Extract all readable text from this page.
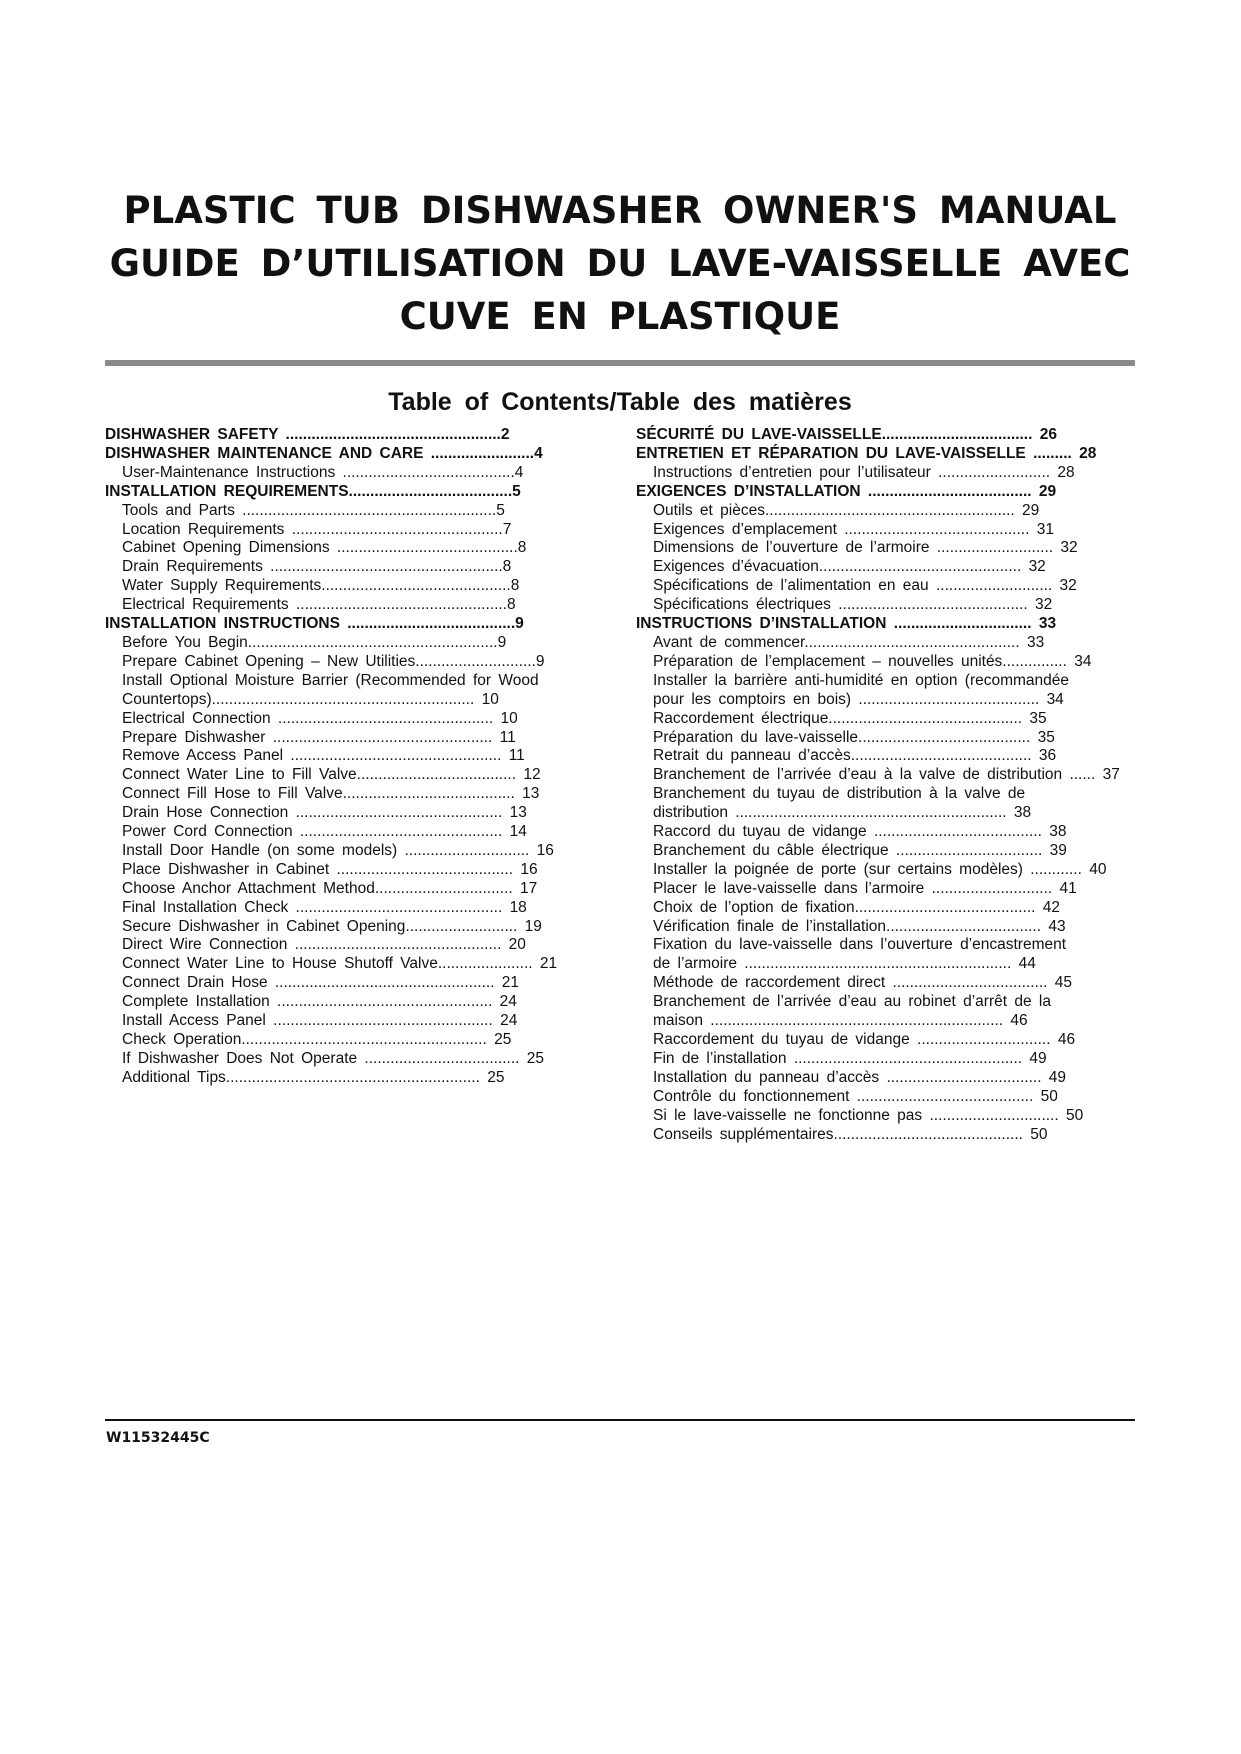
PLASTIC TUB DISHWASHER OWNER'S MANUAL
GUIDE D’UTILISATION DU LAVE-VAISSELLE AVEC
CUVE EN PLASTIQUE
Table of Contents/Table des matières
DISHWASHER SAFETY ..................................................2
DISHWASHER MAINTENANCE AND CARE ........................4
User-Maintenance Instructions ........................................4
INSTALLATION REQUIREMENTS......................................5
Tools and Parts ...........................................................5
Location Requirements .................................................7
Cabinet Opening Dimensions ..........................................8
Drain Requirements ......................................................8
Water Supply Requirements............................................8
Electrical Requirements .................................................8
INSTALLATION INSTRUCTIONS .......................................9
Before You Begin..........................................................9
Prepare Cabinet Opening – New Utilities............................9
Install Optional Moisture Barrier (Recommended for Wood
Countertops)............................................................. 10
Electrical Connection .................................................. 10
Prepare Dishwasher ................................................... 11
Remove Access Panel ................................................. 11
Connect Water Line to Fill Valve..................................... 12
Connect Fill Hose to Fill Valve........................................ 13
Drain Hose Connection ................................................ 13
Power Cord Connection ............................................... 14
Install Door Handle (on some models) ............................. 16
Place Dishwasher in Cabinet ......................................... 16
Choose Anchor Attachment Method................................ 17
Final Installation Check ................................................ 18
Secure Dishwasher in Cabinet Opening.......................... 19
Direct Wire Connection ................................................ 20
Connect Water Line to House Shutoff Valve...................... 21
Connect Drain Hose ................................................... 21
Complete Installation .................................................. 24
Install Access Panel ................................................... 24
Check Operation......................................................... 25
If Dishwasher Does Not Operate .................................... 25
Additional Tips........................................................... 25
SÉCURITÉ DU LAVE-VAISSELLE................................... 26
ENTRETIEN ET RÉPARATION DU LAVE-VAISSELLE ......... 28
Instructions d’entretien pour l’utilisateur .......................... 28
EXIGENCES D’INSTALLATION ...................................... 29
Outils et pièces.......................................................... 29
Exigences d’emplacement ........................................... 31
Dimensions de l’ouverture de l’armoire ........................... 32
Exigences d’évacuation............................................... 32
Spécifications de l’alimentation en eau ........................... 32
Spécifications électriques ............................................ 32
INSTRUCTIONS D’INSTALLATION ................................ 33
Avant de commencer.................................................. 33
Préparation de l’emplacement – nouvelles unités............... 34
Installer la barrière anti-humidité en option (recommandée
pour les comptoirs en bois) .......................................... 34
Raccordement électrique............................................. 35
Préparation du lave-vaisselle........................................ 35
Retrait du panneau d’accès.......................................... 36
Branchement de l’arrivée d’eau à la valve de distribution ...... 37
Branchement du tuyau de distribution à la valve de
distribution ............................................................... 38
Raccord du tuyau de vidange ....................................... 38
Branchement du câble électrique .................................. 39
Installer la poignée de porte (sur certains modèles) ............ 40
Placer le lave-vaisselle dans l’armoire ............................ 41
Choix de l’option de fixation.......................................... 42
Vérification finale de l’installation.................................... 43
Fixation du lave-vaisselle dans l’ouverture d’encastrement
de l’armoire .............................................................. 44
Méthode de raccordement direct .................................... 45
Branchement de l’arrivée d’eau au robinet d’arrêt de la
maison .................................................................... 46
Raccordement du tuyau de vidange ............................... 46
Fin de l’installation ..................................................... 49
Installation du panneau d’accès .................................... 49
Contrôle du fonctionnement ......................................... 50
Si le lave-vaisselle ne fonctionne pas .............................. 50
Conseils supplémentaires............................................ 50
W11532445C
